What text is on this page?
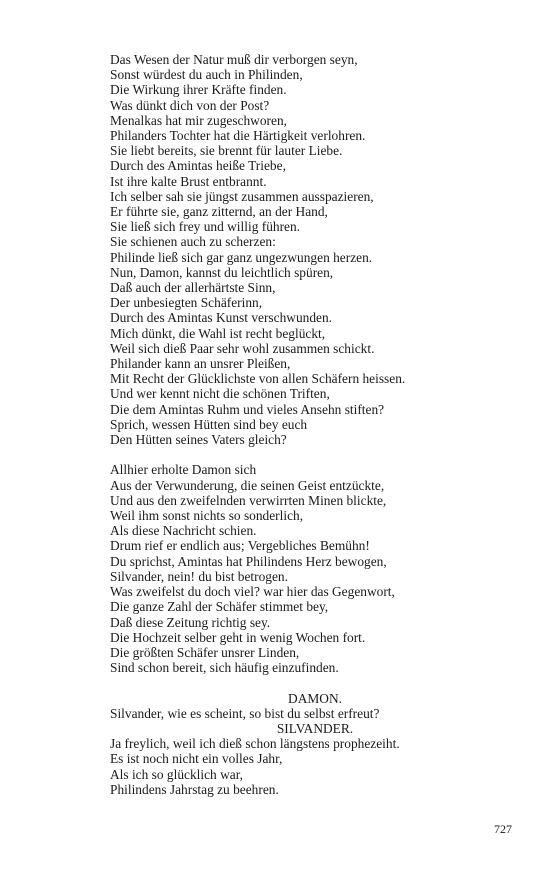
Das Wesen der Natur muß dir verborgen seyn,
Sonst würdest du auch in Philinden,
Die Wirkung ihrer Kräfte finden.
Was dünkt dich von der Post?
Menalkas hat mir zugeschworen,
Philanders Tochter hat die Härtigkeit verlohren.
Sie liebt bereits, sie brennt für lauter Liebe.
Durch des Amintas heiße Triebe,
Ist ihre kalte Brust entbrannt.
Ich selber sah sie jüngst zusammen ausspazieren,
Er führte sie, ganz zitternd, an der Hand,
Sie ließ sich frey und willig führen.
Sie schienen auch zu scherzen:
Philinde ließ sich gar ganz ungezwungen herzen.
Nun, Damon, kannst du leichtlich spüren,
Daß auch der allerhärtste Sinn,
Der unbesiegten Schäferinn,
Durch des Amintas Kunst verschwunden.
Mich dünkt, die Wahl ist recht beglückt,
Weil sich dieß Paar sehr wohl zusammen schickt.
Philander kann an unsrer Pleißen,
Mit Recht der Glücklichste von allen Schäfern heissen.
Und wer kennt nicht die schönen Triften,
Die dem Amintas Ruhm und vieles Ansehn stiften?
Sprich, wessen Hütten sind bey euch
Den Hütten seines Vaters gleich?
Allhier erholte Damon sich
Aus der Verwunderung, die seinen Geist entzückte,
Und aus den zweifelnden verwirrten Minen blickte,
Weil ihm sonst nichts so sonderlich,
Als diese Nachricht schien.
Drum rief er endlich aus; Vergebliches Bemühn!
Du sprichst, Amintas hat Philindens Herz bewogen,
Silvander, nein! du bist betrogen.
Was zweifelst du doch viel? war hier das Gegenwort,
Die ganze Zahl der Schäfer stimmet bey,
Daß diese Zeitung richtig sey.
Die Hochzeit selber geht in wenig Wochen fort.
Die größten Schäfer unsrer Linden,
Sind schon bereit, sich häufig einzufinden.
DAMON.
Silvander, wie es scheint, so bist du selbst erfreut?
SILVANDER.
Ja freylich, weil ich dieß schon längstens prophezeiht.
Es ist noch nicht ein volles Jahr,
Als ich so glücklich war,
Philindens Jahrstag zu beehren.
727
